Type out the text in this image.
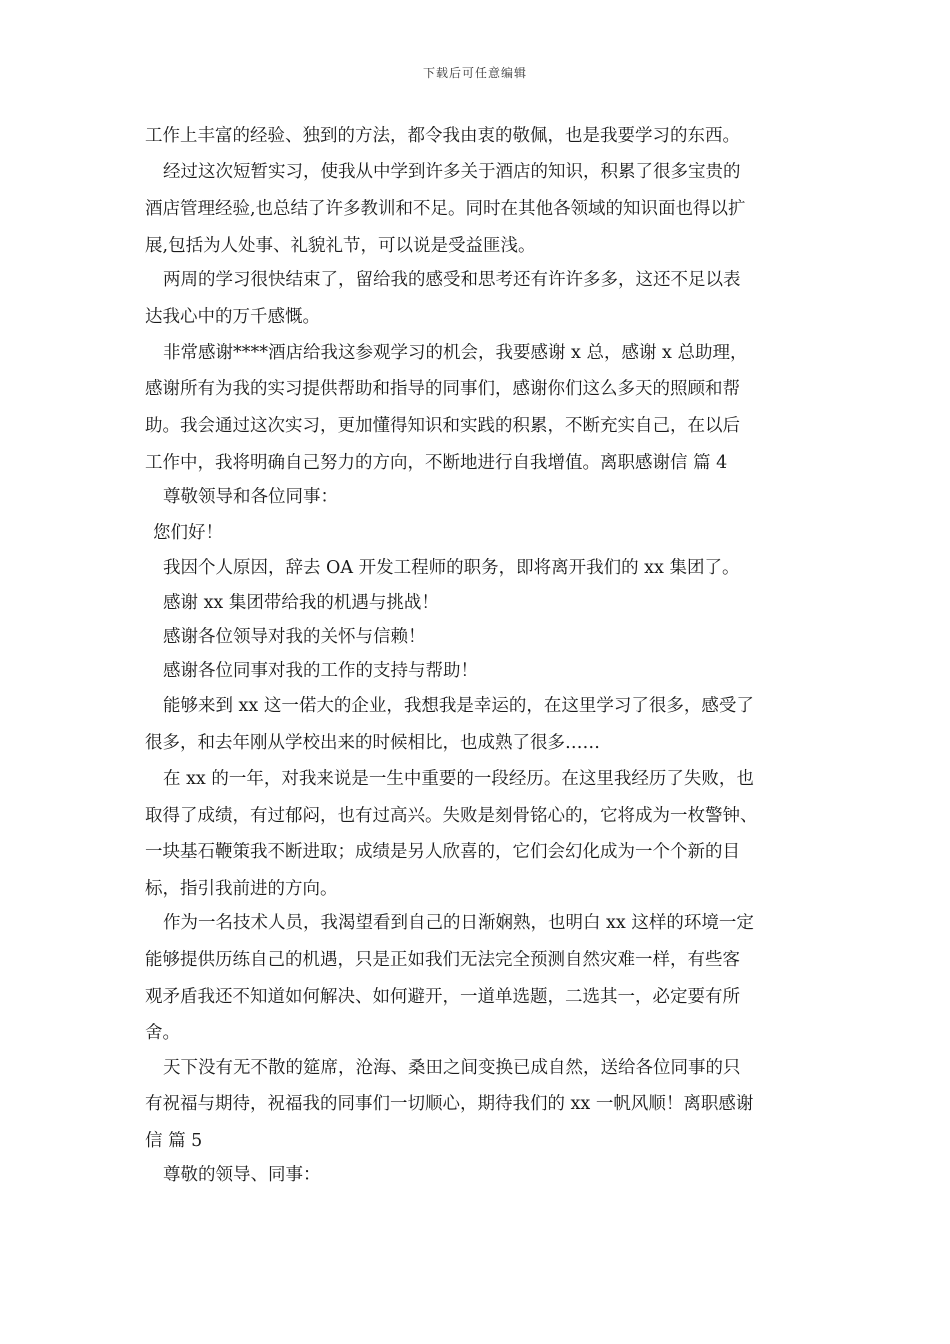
下载后可任意编辑
工作上丰富的经验、独到的方法，都令我由衷的敬佩，也是我要学习的东西。
经过这次短暂实习，使我从中学到许多关于酒店的知识，积累了很多宝贵的
酒店管理经验,也总结了许多教训和不足。同时在其他各领域的知识面也得以扩
展,包括为人处事、礼貌礼节，可以说是受益匪浅。
两周的学习很快结束了，留给我的感受和思考还有许许多多，这还不足以表
达我心中的万千感慨。
非常感谢****酒店给我这参观学习的机会，我要感谢 x 总，感谢 x 总助理，
感谢所有为我的实习提供帮助和指导的同事们，感谢你们这么多天的照顾和帮
助。我会通过这次实习，更加懂得知识和实践的积累，不断充实自己，在以后
工作中，我将明确自己努力的方向，不断地进行自我增值。离职感谢信 篇 4
尊敬领导和各位同事：
您们好！
我因个人原因，辞去 OA 开发工程师的职务，即将离开我们的 xx 集团了。
感谢 xx 集团带给我的机遇与挑战！
感谢各位领导对我的关怀与信赖！
感谢各位同事对我的工作的支持与帮助！
能够来到 xx 这一偌大的企业，我想我是幸运的，在这里学习了很多，感受了
很多，和去年刚从学校出来的时候相比，也成熟了很多……
在 xx 的一年，对我来说是一生中重要的一段经历。在这里我经历了失败，也
取得了成绩，有过郁闷，也有过高兴。失败是刻骨铭心的，它将成为一枚警钟、
一块基石鞭策我不断进取；成绩是另人欣喜的，它们会幻化成为一个个新的目
标，指引我前进的方向。
作为一名技术人员，我渴望看到自己的日渐娴熟，也明白 xx 这样的环境一定
能够提供历练自己的机遇，只是正如我们无法完全预测自然灾难一样，有些客
观矛盾我还不知道如何解决、如何避开，一道单选题，二选其一，必定要有所
舍。
天下没有无不散的筵席，沧海、桑田之间变换已成自然，送给各位同事的只
有祝福与期待，祝福我的同事们一切顺心，期待我们的 xx 一帆风顺！离职感谢
信 篇 5
尊敬的领导、同事：
